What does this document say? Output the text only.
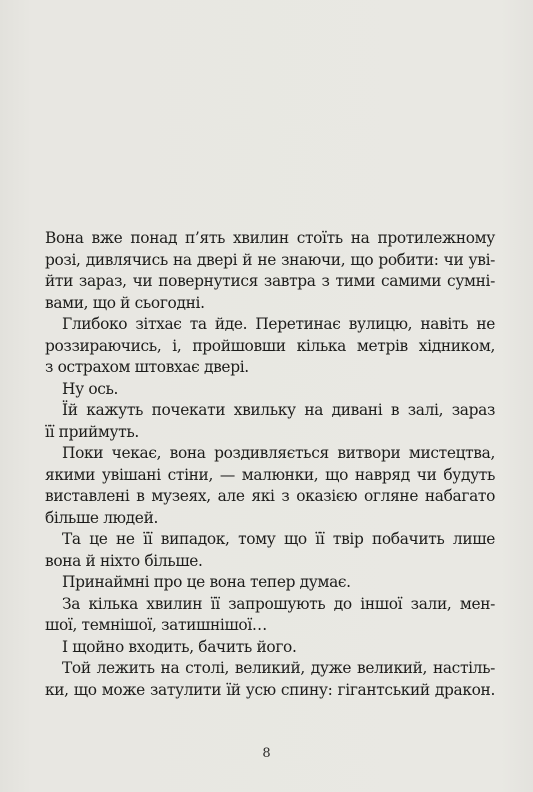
Вона вже понад п’ять хвилин стоїть на протилежному
розі, дивлячись на двері й не знаючи, що робити: чи уві-
йти зараз, чи повернутися завтра з тими самими сумні-
вами, що й сьогодні.
Глибоко зітхає та йде. Перетинає вулицю, навіть не
роззираючись, і, пройшовши кілька метрів хідником,
з острахом штовхає двері.
Ну ось.
Їй кажуть почекати хвильку на дивані в залі, зараз
її приймуть.
Поки чекає, вона роздивляється витвори мистецтва,
якими увішані стіни, — малюнки, що навряд чи будуть
виставлені в музеях, але які з оказією огляне набагато
більше людей.
Та це не її випадок, тому що її твір побачить лише
вона й ніхто більше.
Принаймні про це вона тепер думає.
За кілька хвилин її запрошують до іншої зали, мен-
шої, темнішої, затишнішої…
І щойно входить, бачить його.
Той лежить на столі, великий, дуже великий, настіль-
ки, що може затулити їй усю спину: гігантський дракон.
8
